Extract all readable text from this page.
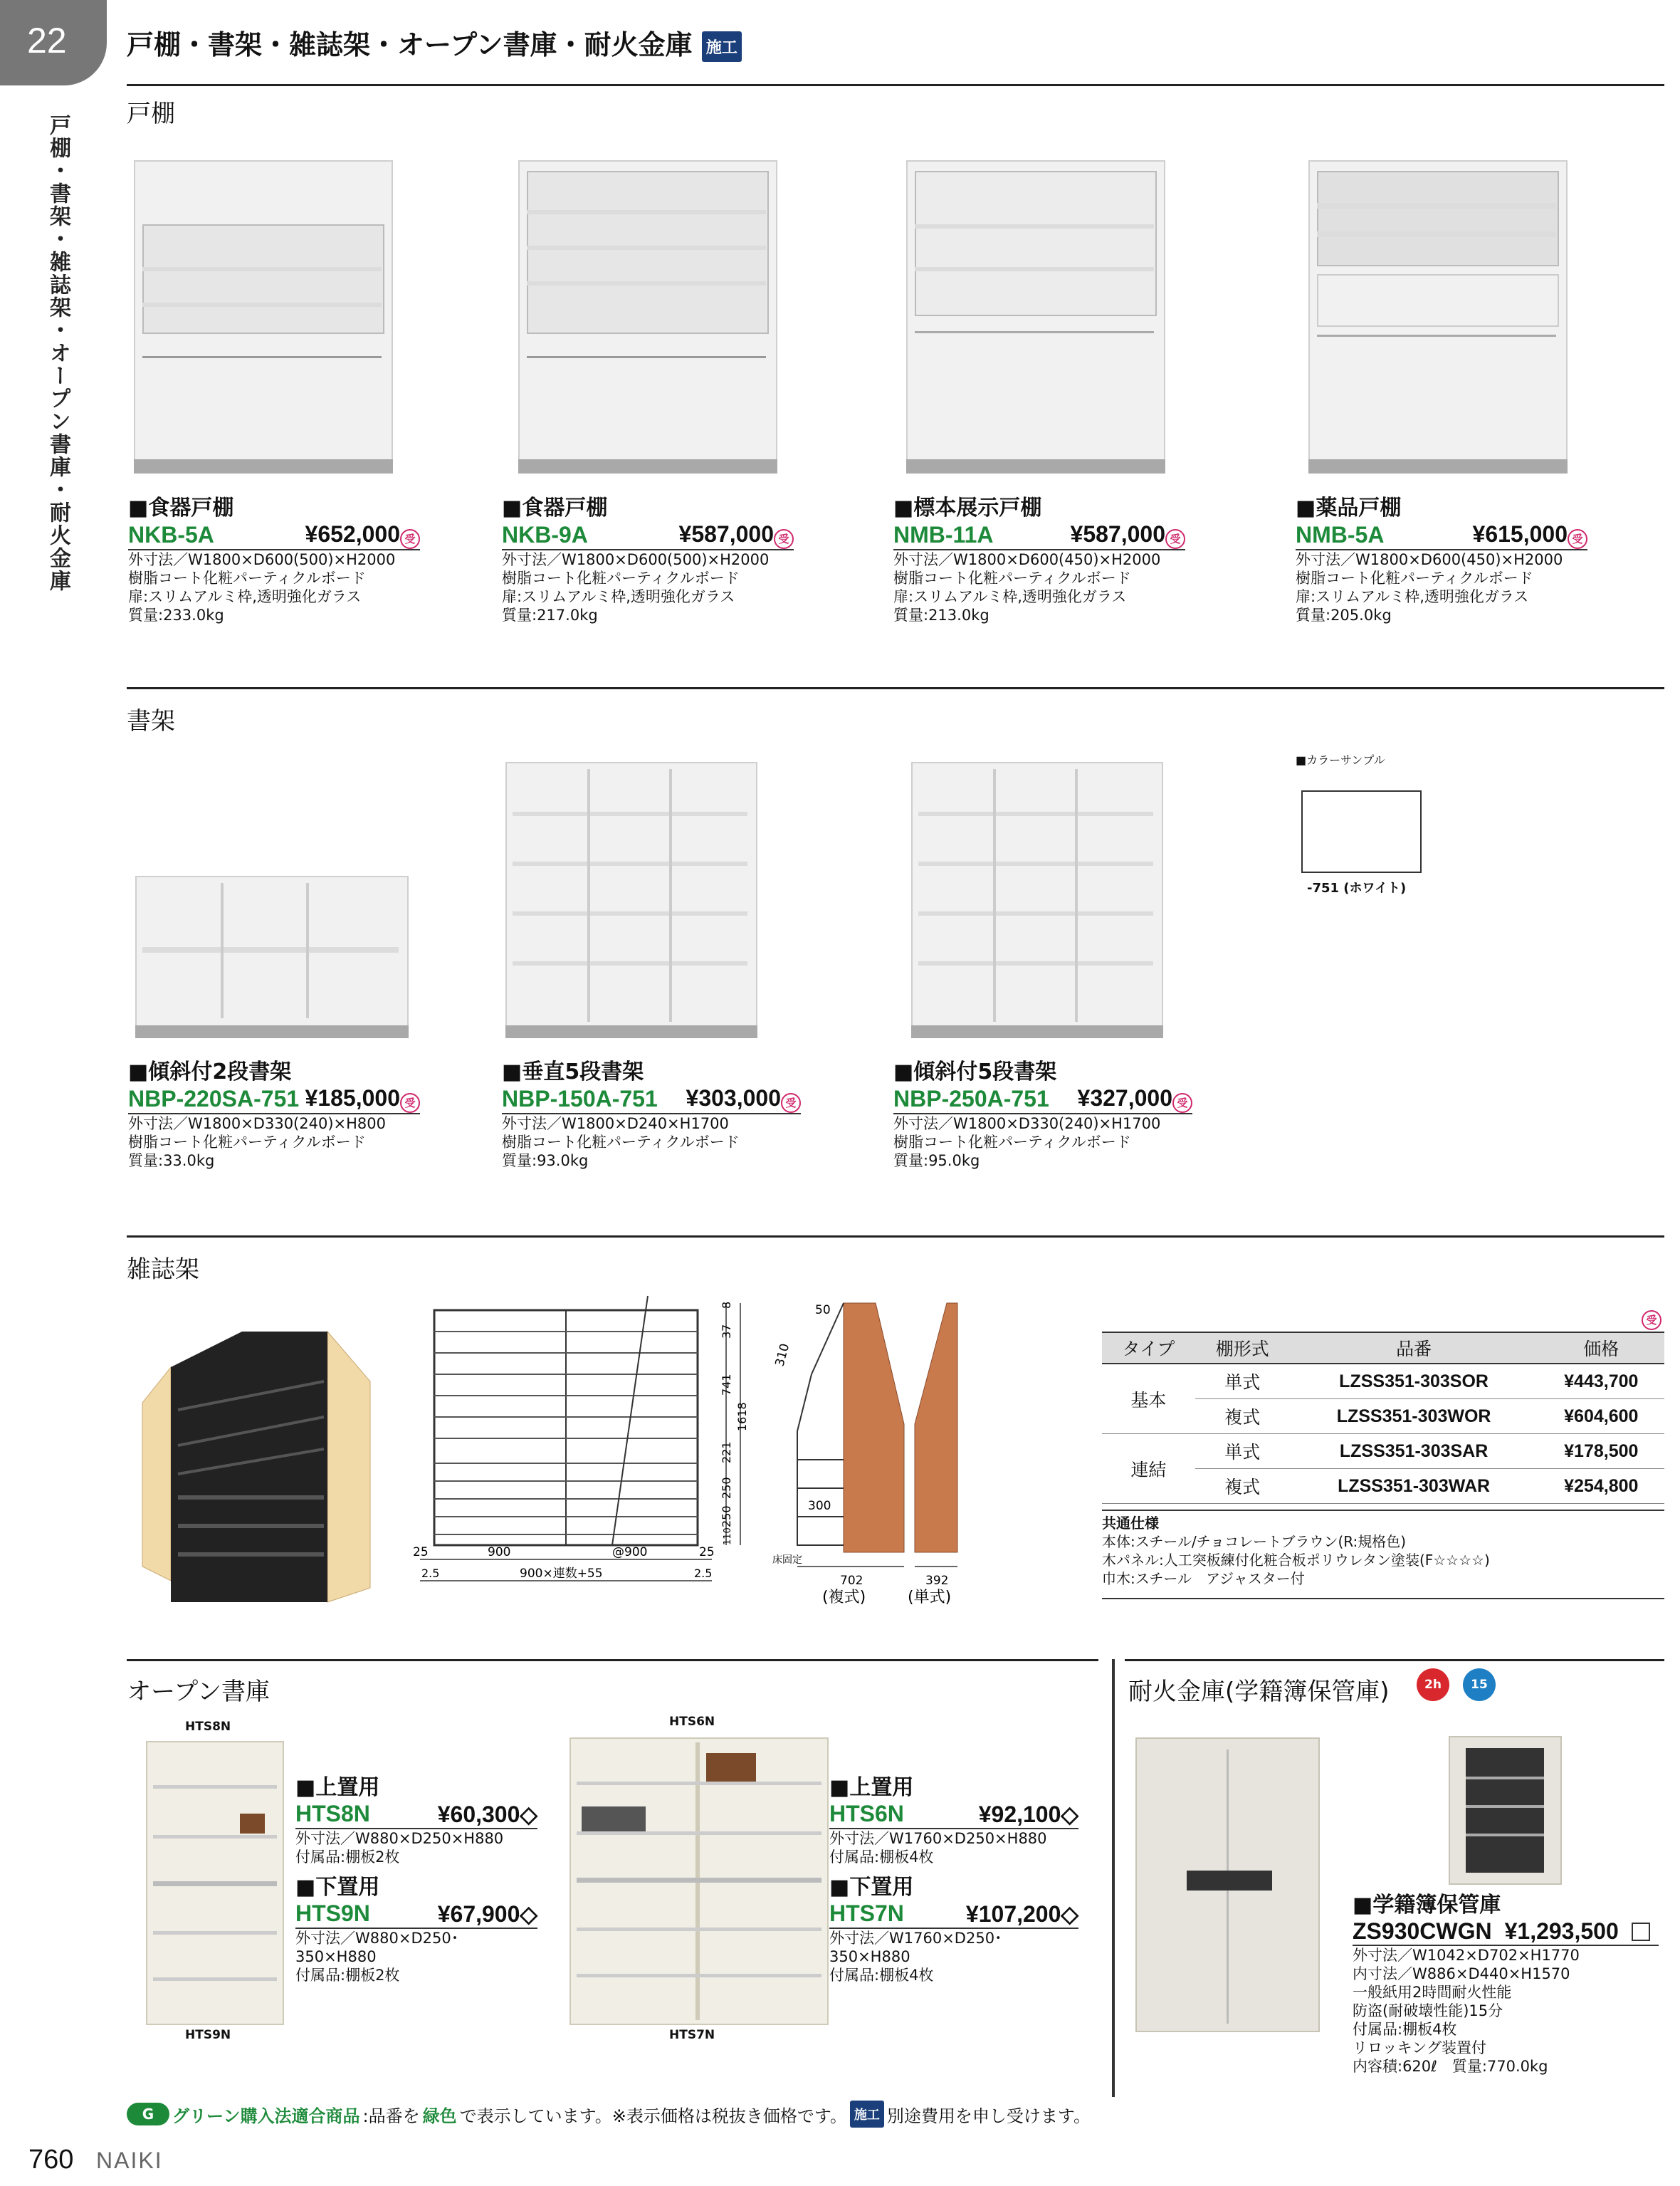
22
戸棚・書架・雑誌架・オープン書庫・耐火金庫
戸棚・書架・雑誌架・オープン書庫・耐火金庫 施工
戸棚
■食器戸棚
NKB-5A	¥652,000 受
外寸法／W1800×D600(500)×H2000
樹脂コート化粧パーティクルボード
扉:スリムアルミ枠,透明強化ガラス
質量:233.0kg
■食器戸棚
NKB-9A	¥587,000 受
外寸法／W1800×D600(500)×H2000
樹脂コート化粧パーティクルボード
扉:スリムアルミ枠,透明強化ガラス
質量:217.0kg
■標本展示戸棚
NMB-11A	¥587,000 受
外寸法／W1800×D600(450)×H2000
樹脂コート化粧パーティクルボード
扉:スリムアルミ枠,透明強化ガラス
質量:213.0kg
■薬品戸棚
NMB-5A	¥615,000 受
外寸法／W1800×D600(450)×H2000
樹脂コート化粧パーティクルボード
扉:スリムアルミ枠,透明強化ガラス
質量:205.0kg
書架
■カラーサンプル
-751 (ホワイト)
■傾斜付2段書架
NBP-220SA-751 ¥185,000 受
外寸法／W1800×D330(240)×H800
樹脂コート化粧パーティクルボード
質量:33.0kg
■垂直5段書架
NBP-150A-751 ¥303,000 受
外寸法／W1800×D240×H1700
樹脂コート化粧パーティクルボード
質量:93.0kg
■傾斜付5段書架
NBP-250A-751 ¥327,000 受
外寸法／W1800×D330(240)×H1700
樹脂コート化粧パーティクルボード
質量:95.0kg
雑誌架
8
37
741
1618
221
250
250
110
25	900	@900	25
2.5	900×連数+55	2.5
50
310
300
床固定
702	392
(複式)	(単式)
受
タイプ	棚形式	品番	価格
基本	単式	LZSS351-303SOR	¥443,700
	複式	LZSS351-303WOR	¥604,600
連結	単式	LZSS351-303SAR	¥178,500
	複式	LZSS351-303WAR	¥254,800
共通仕様
本体:スチール/チョコレートブラウン(R:規格色)
木パネル:人工突板練付化粧合板ポリウレタン塗装(F☆☆☆☆)
巾木:スチール　アジャスター付
オープン書庫
HTS8N
HTS9N
HTS6N
HTS7N
■上置用
HTS8N	¥60,300◇
外寸法／W880×D250×H880
付属品:棚板2枚
■下置用
HTS9N	¥67,900◇
外寸法／W880×D250･350×H880
付属品:棚板2枚
■上置用
HTS6N	¥92,100◇
外寸法／W1760×D250×H880
付属品:棚板4枚
■下置用
HTS7N	¥107,200◇
外寸法／W1760×D250･350×H880
付属品:棚板4枚
耐火金庫(学籍簿保管庫)	2h	15
■学籍簿保管庫
ZS930CWGN ¥1,293,500
外寸法／W1042×D702×H1770
内寸法／W886×D440×H1570
一般紙用2時間耐火性能
防盗(耐破壊性能)15分
付属品:棚板4枚
リロッキング装置付
内容積:620ℓ　質量:770.0kg
G	グリーン購入法適合商品 :品番を 緑色 で表示しています。※表示価格は税抜き価格です。 施工 別途費用を申し受けます。
760 NAIKI
